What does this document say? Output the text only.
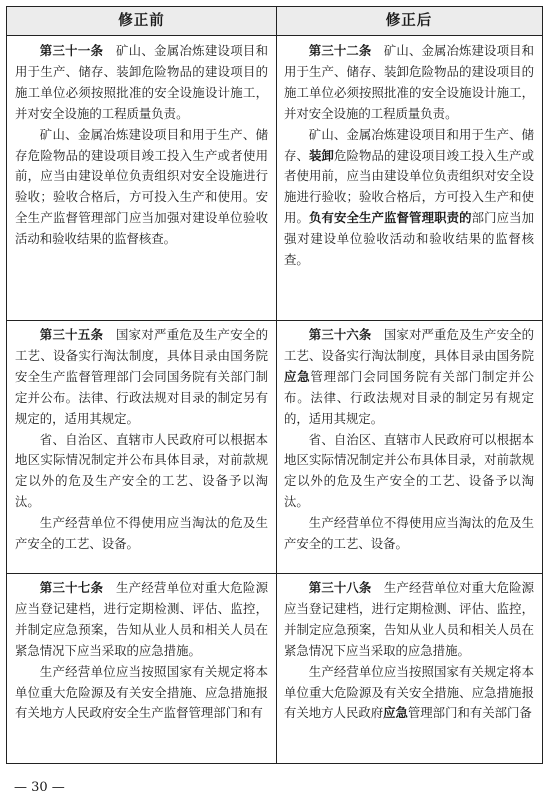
修正前	修正后

第三十一条　矿山、金属冶炼建设项目和用于生产、储存、装卸危险物品的建设项目的施工单位必须按照批准的安全设施设计施工，并对安全设施的工程质量负责。

矿山、金属冶炼建设项目和用于生产、储存危险物品的建设项目竣工投入生产或者使用前，应当由建设单位负责组织对安全设施进行验收；验收合格后，方可投入生产和使用。安全生产监督管理部门应当加强对建设单位验收活动和验收结果的监督核查。

第三十二条　矿山、金属冶炼建设项目和用于生产、储存、装卸危险物品的建设项目的施工单位必须按照批准的安全设施设计施工，并对安全设施的工程质量负责。

矿山、金属冶炼建设项目和用于生产、储存、装卸危险物品的建设项目竣工投入生产或者使用前，应当由建设单位负责组织对安全设施进行验收；验收合格后，方可投入生产和使用。负有安全生产监督管理职责的部门应当加强对建设单位验收活动和验收结果的监督核查。

第三十五条　国家对严重危及生产安全的工艺、设备实行淘汰制度，具体目录由国务院安全生产监督管理部门会同国务院有关部门制定并公布。法律、行政法规对目录的制定另有规定的，适用其规定。

省、自治区、直辖市人民政府可以根据本地区实际情况制定并公布具体目录，对前款规定以外的危及生产安全的工艺、设备予以淘汰。

生产经营单位不得使用应当淘汰的危及生产安全的工艺、设备。

第三十六条　国家对严重危及生产安全的工艺、设备实行淘汰制度，具体目录由国务院应急管理部门会同国务院有关部门制定并公布。法律、行政法规对目录的制定另有规定的，适用其规定。

省、自治区、直辖市人民政府可以根据本地区实际情况制定并公布具体目录，对前款规定以外的危及生产安全的工艺、设备予以淘汰。

生产经营单位不得使用应当淘汰的危及生产安全的工艺、设备。

第三十七条　生产经营单位对重大危险源应当登记建档，进行定期检测、评估、监控，并制定应急预案，告知从业人员和相关人员在紧急情况下应当采取的应急措施。

生产经营单位应当按照国家有关规定将本单位重大危险源及有关安全措施、应急措施报有关地方人民政府安全生产监督管理部门和有

第三十八条　生产经营单位对重大危险源应当登记建档，进行定期检测、评估、监控，并制定应急预案，告知从业人员和相关人员在紧急情况下应当采取的应急措施。

生产经营单位应当按照国家有关规定将本单位重大危险源及有关安全措施、应急措施报有关地方人民政府应急管理部门和有关部门备

— 30 —
